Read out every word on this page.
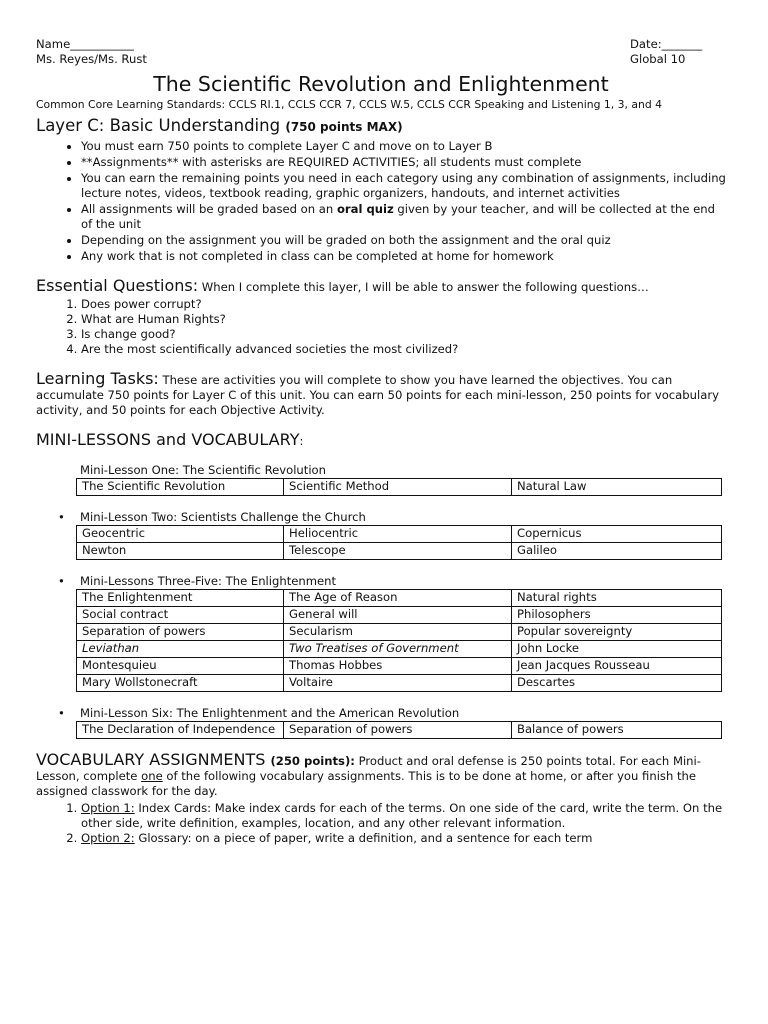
Name___________	Date:_______
Ms. Reyes/Ms. Rust	Global 10
The Scientific Revolution and Enlightenment
Common Core Learning Standards: CCLS RI.1, CCLS CCR 7, CCLS W.5, CCLS CCR Speaking and Listening 1, 3, and 4
Layer C: Basic Understanding (750 points MAX)
• You must earn 750 points to complete Layer C and move on to Layer B
• **Assignments** with asterisks are REQUIRED ACTIVITIES; all students must complete
• You can earn the remaining points you need in each category using any combination of assignments, including lecture notes, videos, textbook reading, graphic organizers, handouts, and internet activities
• All assignments will be graded based on an oral quiz given by your teacher, and will be collected at the end of the unit
• Depending on the assignment you will be graded on both the assignment and the oral quiz
• Any work that is not completed in class can be completed at home for homework
Essential Questions: When I complete this layer, I will be able to answer the following questions…
1. Does power corrupt?
2. What are Human Rights?
3. Is change good?
4. Are the most scientifically advanced societies the most civilized?
Learning Tasks: These are activities you will complete to show you have learned the objectives. You can accumulate 750 points for Layer C of this unit. You can earn 50 points for each mini-lesson, 250 points for vocabulary activity, and 50 points for each Objective Activity.
MINI-LESSONS and VOCABULARY:
Mini-Lesson One: The Scientific Revolution
The Scientific Revolution	Scientific Method	Natural Law
• Mini-Lesson Two: Scientists Challenge the Church
Geocentric	Heliocentric	Copernicus
Newton	Telescope	Galileo
• Mini-Lessons Three-Five: The Enlightenment
The Enlightenment	The Age of Reason	Natural rights
Social contract	General will	Philosophers
Separation of powers	Secularism	Popular sovereignty
Leviathan	Two Treatises of Government	John Locke
Montesquieu	Thomas Hobbes	Jean Jacques Rousseau
Mary Wollstonecraft	Voltaire	Descartes
• Mini-Lesson Six: The Enlightenment and the American Revolution
The Declaration of Independence	Separation of powers	Balance of powers
VOCABULARY ASSIGNMENTS (250 points): Product and oral defense is 250 points total. For each Mini-Lesson, complete one of the following vocabulary assignments. This is to be done at home, or after you finish the assigned classwork for the day.
1. Option 1: Index Cards: Make index cards for each of the terms. On one side of the card, write the term. On the other side, write definition, examples, location, and any other relevant information.
2. Option 2: Glossary: on a piece of paper, write a definition, and a sentence for each term
